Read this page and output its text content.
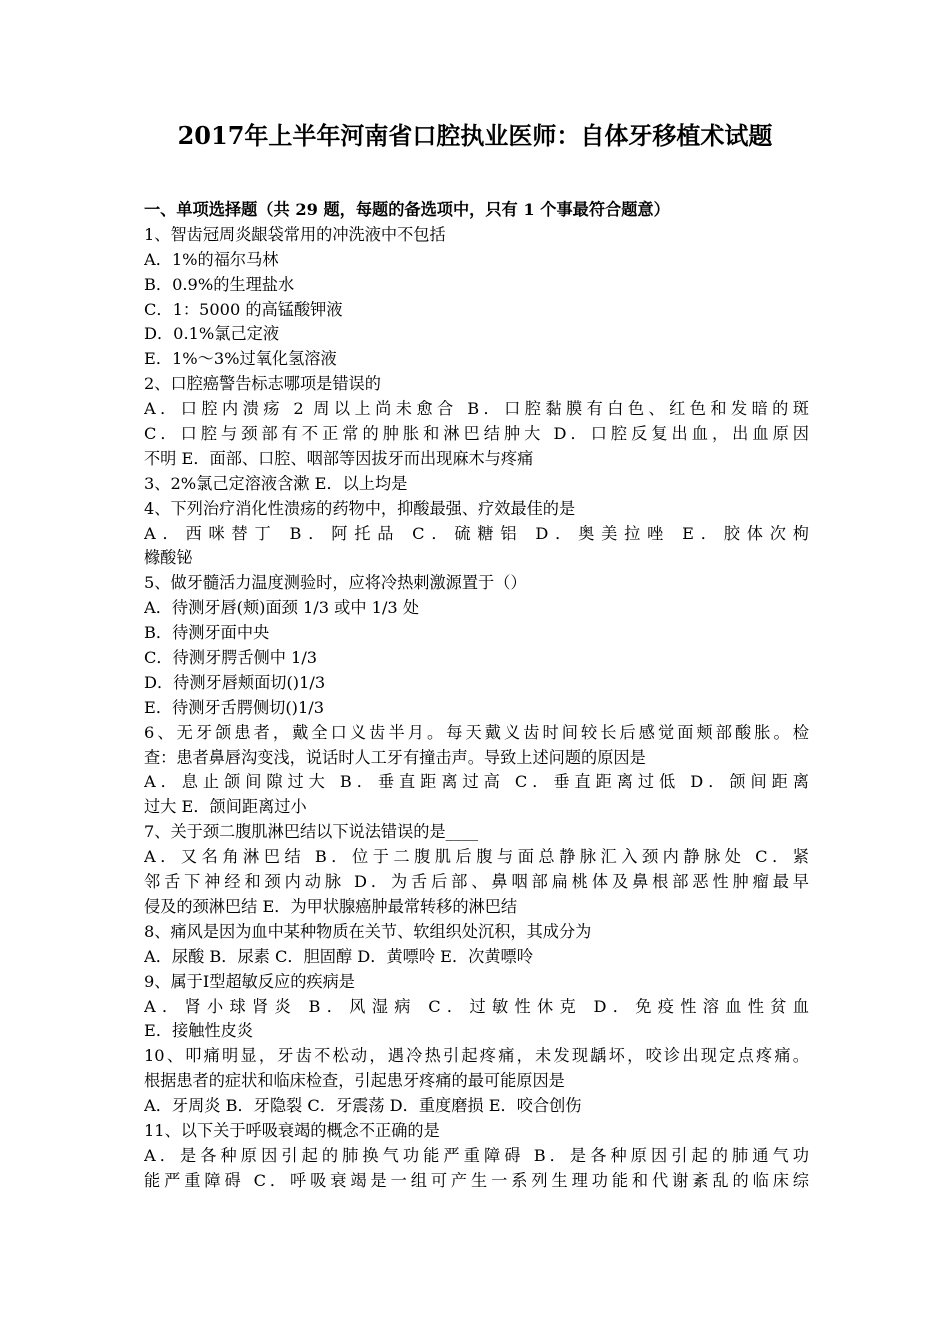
2017年上半年河南省口腔执业医师：自体牙移植术试题
一、单项选择题（共 29 题，每题的备选项中，只有 1 个事最符合题意）
1、智齿冠周炎龈袋常用的冲洗液中不包括
A．1%的福尔马林
B．0.9%的生理盐水
C．1：5000 的高锰酸钾液
D．0.1%氯己定液
E．1%～3%过氧化氢溶液
2、口腔癌警告标志哪项是错误的
A．口腔内溃疡 2 周以上尚未愈合 B．口腔黏膜有白色、红色和发暗的斑
C．口腔与颈部有不正常的肿胀和淋巴结肿大 D．口腔反复出血，出血原因
不明 E．面部、口腔、咽部等因拔牙而出现麻木与疼痛
3、2%氯己定溶液含漱 E．以上均是
4、下列治疗消化性溃疡的药物中，抑酸最强、疗效最佳的是
A．西咪替丁 B．阿托品 C．硫糖铝 D．奥美拉唑 E．胶体次枸
橼酸铋
5、做牙髓活力温度测验时，应将冷热刺激源置于（）
A．待测牙唇(颊)面颈 1/3 或中 1/3 处
B．待测牙面中央
C．待测牙腭舌侧中 1/3
D．待测牙唇颊面切()1/3
E．待测牙舌腭侧切()1/3
6、无牙颌患者，戴全口义齿半月。每天戴义齿时间较长后感觉面颊部酸胀。检
查：患者鼻唇沟变浅，说话时人工牙有撞击声。导致上述问题的原因是
A．息止颌间隙过大 B．垂直距离过高 C．垂直距离过低 D．颌间距离
过大 E．颌间距离过小
7、关于颈二腹肌淋巴结以下说法错误的是____
A．又名角淋巴结 B．位于二腹肌后腹与面总静脉汇入颈内静脉处 C．紧
邻舌下神经和颈内动脉 D．为舌后部、鼻咽部扁桃体及鼻根部恶性肿瘤最早
侵及的颈淋巴结 E．为甲状腺癌肿最常转移的淋巴结
8、痛风是因为血中某种物质在关节、软组织处沉积，其成分为
A．尿酸 B．尿素 C．胆固醇 D．黄嘌呤 E．次黄嘌呤
9、属于Ⅰ型超敏反应的疾病是
A．肾小球肾炎 B．风湿病 C．过敏性休克 D．免疫性溶血性贫血
E．接触性皮炎
10、叩痛明显，牙齿不松动，遇冷热引起疼痛，未发现龋坏，咬诊出现定点疼痛。
根据患者的症状和临床检查，引起患牙疼痛的最可能原因是
A．牙周炎 B．牙隐裂 C．牙震荡 D．重度磨损 E．咬合创伤
11、以下关于呼吸衰竭的概念不正确的是
A．是各种原因引起的肺换气功能严重障碍 B．是各种原因引起的肺通气功
能严重障碍 C．呼吸衰竭是一组可产生一系列生理功能和代谢紊乱的临床综
